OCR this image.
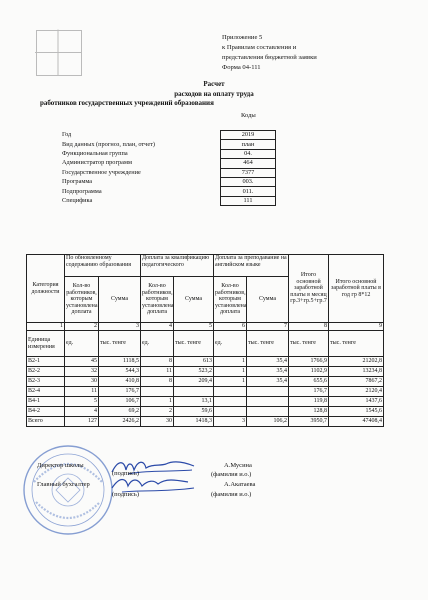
Приложение 5
к Правилам составления и
представления бюджетной заявки
Форма 04-111
Расчет
расходов на оплату труда
работников государственных учреждений образования
Коды
Год	2019
Вид данных (прогноз, план, отчет)	план
Функциональная группа	04.
Администратор программ	464
Государственное учреждение	7377
Программа	003.
Подпрограмма	011.
Специфика	111
Категория должности	По обновленному содержанию образования		Доплата за квалификацию педагогического		Доплата за преподавание на английском языке		Итого основной заработной платы в месяц гр.3+гр.5+гр.7	Итого основной заработной платы в год гр 8*12
	Кол-во работников, которым установлена доплата	Сумма	Кол-во работников, которым установлена доплата	Сумма	Кол-во работников, которым установлена доплата	Сумма		
1	2	3	4	5	6	7	8	9
Единица измерения	ед.	тыс. тенге	ед.	тыс. тенге	ед.	тыс. тенге	тыс. тенге	тыс. тенге
В2-1	45	1118,5	8	613	1	35,4	1766,9	21202,8
В2-2	32	544,3	11	523,2	1	35,4	1102,9	13234,8
В2-3	30	410,8	8	209,4	1	35,4	655,6	7867,2
В2-4	11	176,7					176,7	2120,4
В4-1	5	106,7	1	13,1			119,8	1437,6
В4-2	4	69,2	2	59,6			128,8	1545,6
Всего	127	2426,2	30	1418,3	3	106,2	3950,7	47408,4
Директор школы
(подпись)
А.Мусина
(фамилия и.о.)
Главный бухгалтер
(подпись)
А.Акатаева
(фамилия и.о.)
